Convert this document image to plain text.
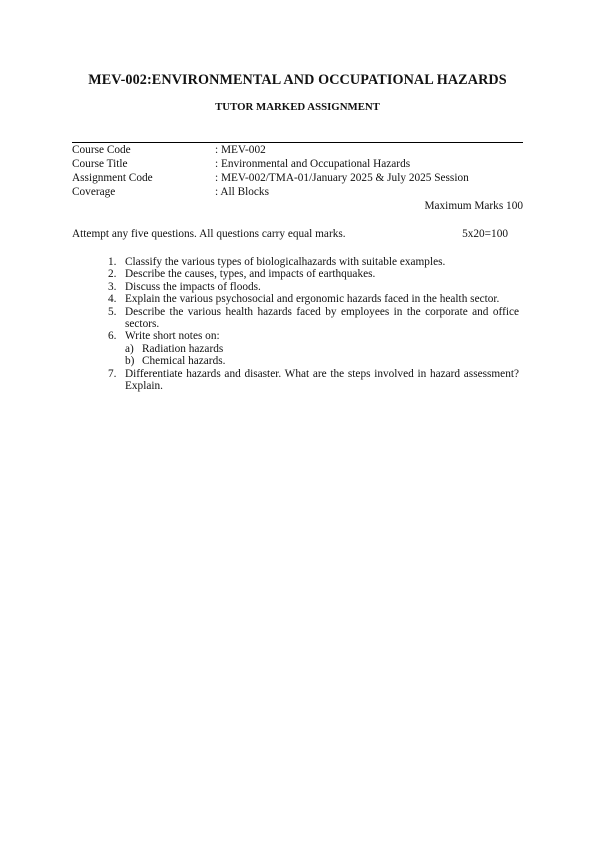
MEV-002:ENVIRONMENTAL AND OCCUPATIONAL HAZARDS
TUTOR MARKED ASSIGNMENT
Course Code	: MEV-002
Course Title	: Environmental and Occupational Hazards
Assignment Code	: MEV-002/TMA-01/January 2025 & July 2025 Session
Coverage	: All Blocks
Maximum Marks 100
Attempt any five questions. All questions carry equal marks.	5x20=100

1. Classify the various types of biologicalhazards with suitable examples.

2. Describe the causes, types, and impacts of earthquakes.

3. Discuss the impacts of floods.

4. Explain the various psychosocial and ergonomic hazards faced in the health sector.

5. Describe the various health hazards faced by employees in the corporate and office sectors.

6. Write short notes on:

a) Radiation hazards

b) Chemical hazards.

7. Differentiate hazards and disaster. What are the steps involved in hazard assessment? Explain.
